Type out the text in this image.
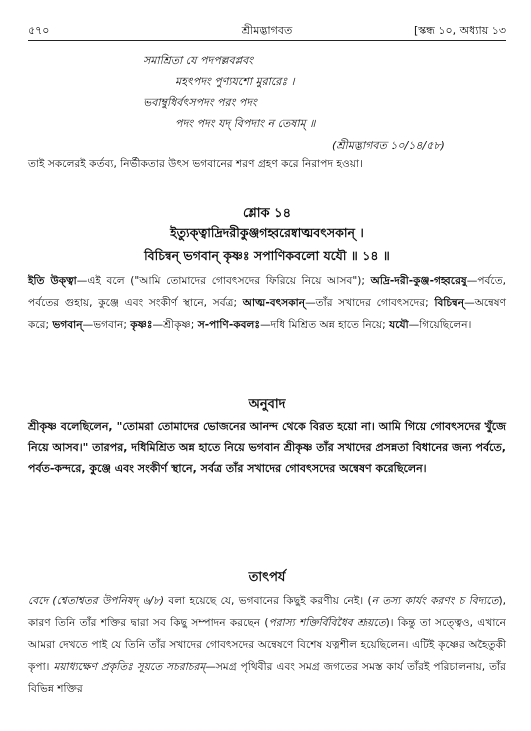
৫৭০	শ্রীমদ্ভাগবত	[স্কন্ধ ১০, অধ্যায় ১৩
সমাশ্রিতা যে পদপল্লবপ্লবং
মহৎপদং পুণ্যযশো মুরারেঃ ।
ভবাম্বুধির্বৎসপদং পরং পদং
পদং পদং যদ্‌ বিপদাং ন তেষাম্‌ ॥
(শ্রীমদ্ভাগবত ১০/১৪/৫৮)
তাই সকলেরই কর্তব্য, নির্ভীকতার উৎস ভগবানের শরণ গ্রহণ করে নিরাপদ হওয়া।
শ্লোক ১৪
ইত্যুক্ত্বাদ্রিদরীকুঞ্জগহ্বরেষ্বাত্মবৎসকান্‌ ।
বিচিন্বন্‌ ভগবান্‌ কৃষ্ণঃ সপাণিকবলো যযৌ ॥ ১৪ ॥
ইতি উক্ত্বা—এই বলে ("আমি তোমাদের গোবৎসদের ফিরিয়ে নিয়ে আসব"); অদ্রি-দরী-কুঞ্জ-গহ্বরেষু—পর্বতে, পর্বতের গুহায়, কুঞ্জে এবং সংকীর্ণ স্থানে, সর্বত্র; আত্ম-বৎসকান্‌—তাঁর সখাদের গোবৎসদের; বিচিন্বন্‌—অন্বেষণ করে; ভগবান্‌—ভগবান; কৃষ্ণঃ—শ্রীকৃষ্ণ; স-পাণি-কবলঃ—দধি মিশ্রিত অন্ন হাতে নিয়ে; যযৌ—গিয়েছিলেন।
অনুবাদ
শ্রীকৃষ্ণ বলেছিলেন, "তোমরা তোমাদের ভোজনের আনন্দ থেকে বিরত হয়ো না। আমি গিয়ে গোবৎসদের খুঁজে নিয়ে আসব।" তারপর, দধিমিশ্রিত অন্ন হাতে নিয়ে ভগবান শ্রীকৃষ্ণ তাঁর সখাদের প্রসন্নতা বিধানের জন্য পর্বতে, পর্বত-কন্দরে, কুঞ্জে এবং সংকীর্ণ স্থানে, সর্বত্র তাঁর সখাদের গোবৎসদের অন্বেষণ করেছিলেন।
তাৎপর্য
বেদে (শ্বেতাশ্বতর উপনিষদ্‌ ৬/৮) বলা হয়েছে যে, ভগবানের কিছুই করণীয় নেই। (ন তস্য কার্যং করণং চ বিদ্যতে), কারণ তিনি তাঁর শক্তির দ্বারা সব কিছু সম্পাদন করছেন (পরাস্য শক্তির্বিবিধৈব শ্রূয়তে)। কিন্তু তা সত্ত্বেও, এখানে আমরা দেখতে পাই যে তিনি তাঁর সখাদের গোবৎসদের অন্বেষণে বিশেষ যত্নশীল হয়েছিলেন। এটিই কৃষ্ণের অহৈতুকী কৃপা। ময়াধ্যক্ষেণ প্রকৃতিঃ সূয়তে সচরাচরম্‌—সমগ্র পৃথিবীর এবং সমগ্র জগতের সমস্ত কার্য তাঁরই পরিচালনায়, তাঁর বিভিন্ন শক্তির
